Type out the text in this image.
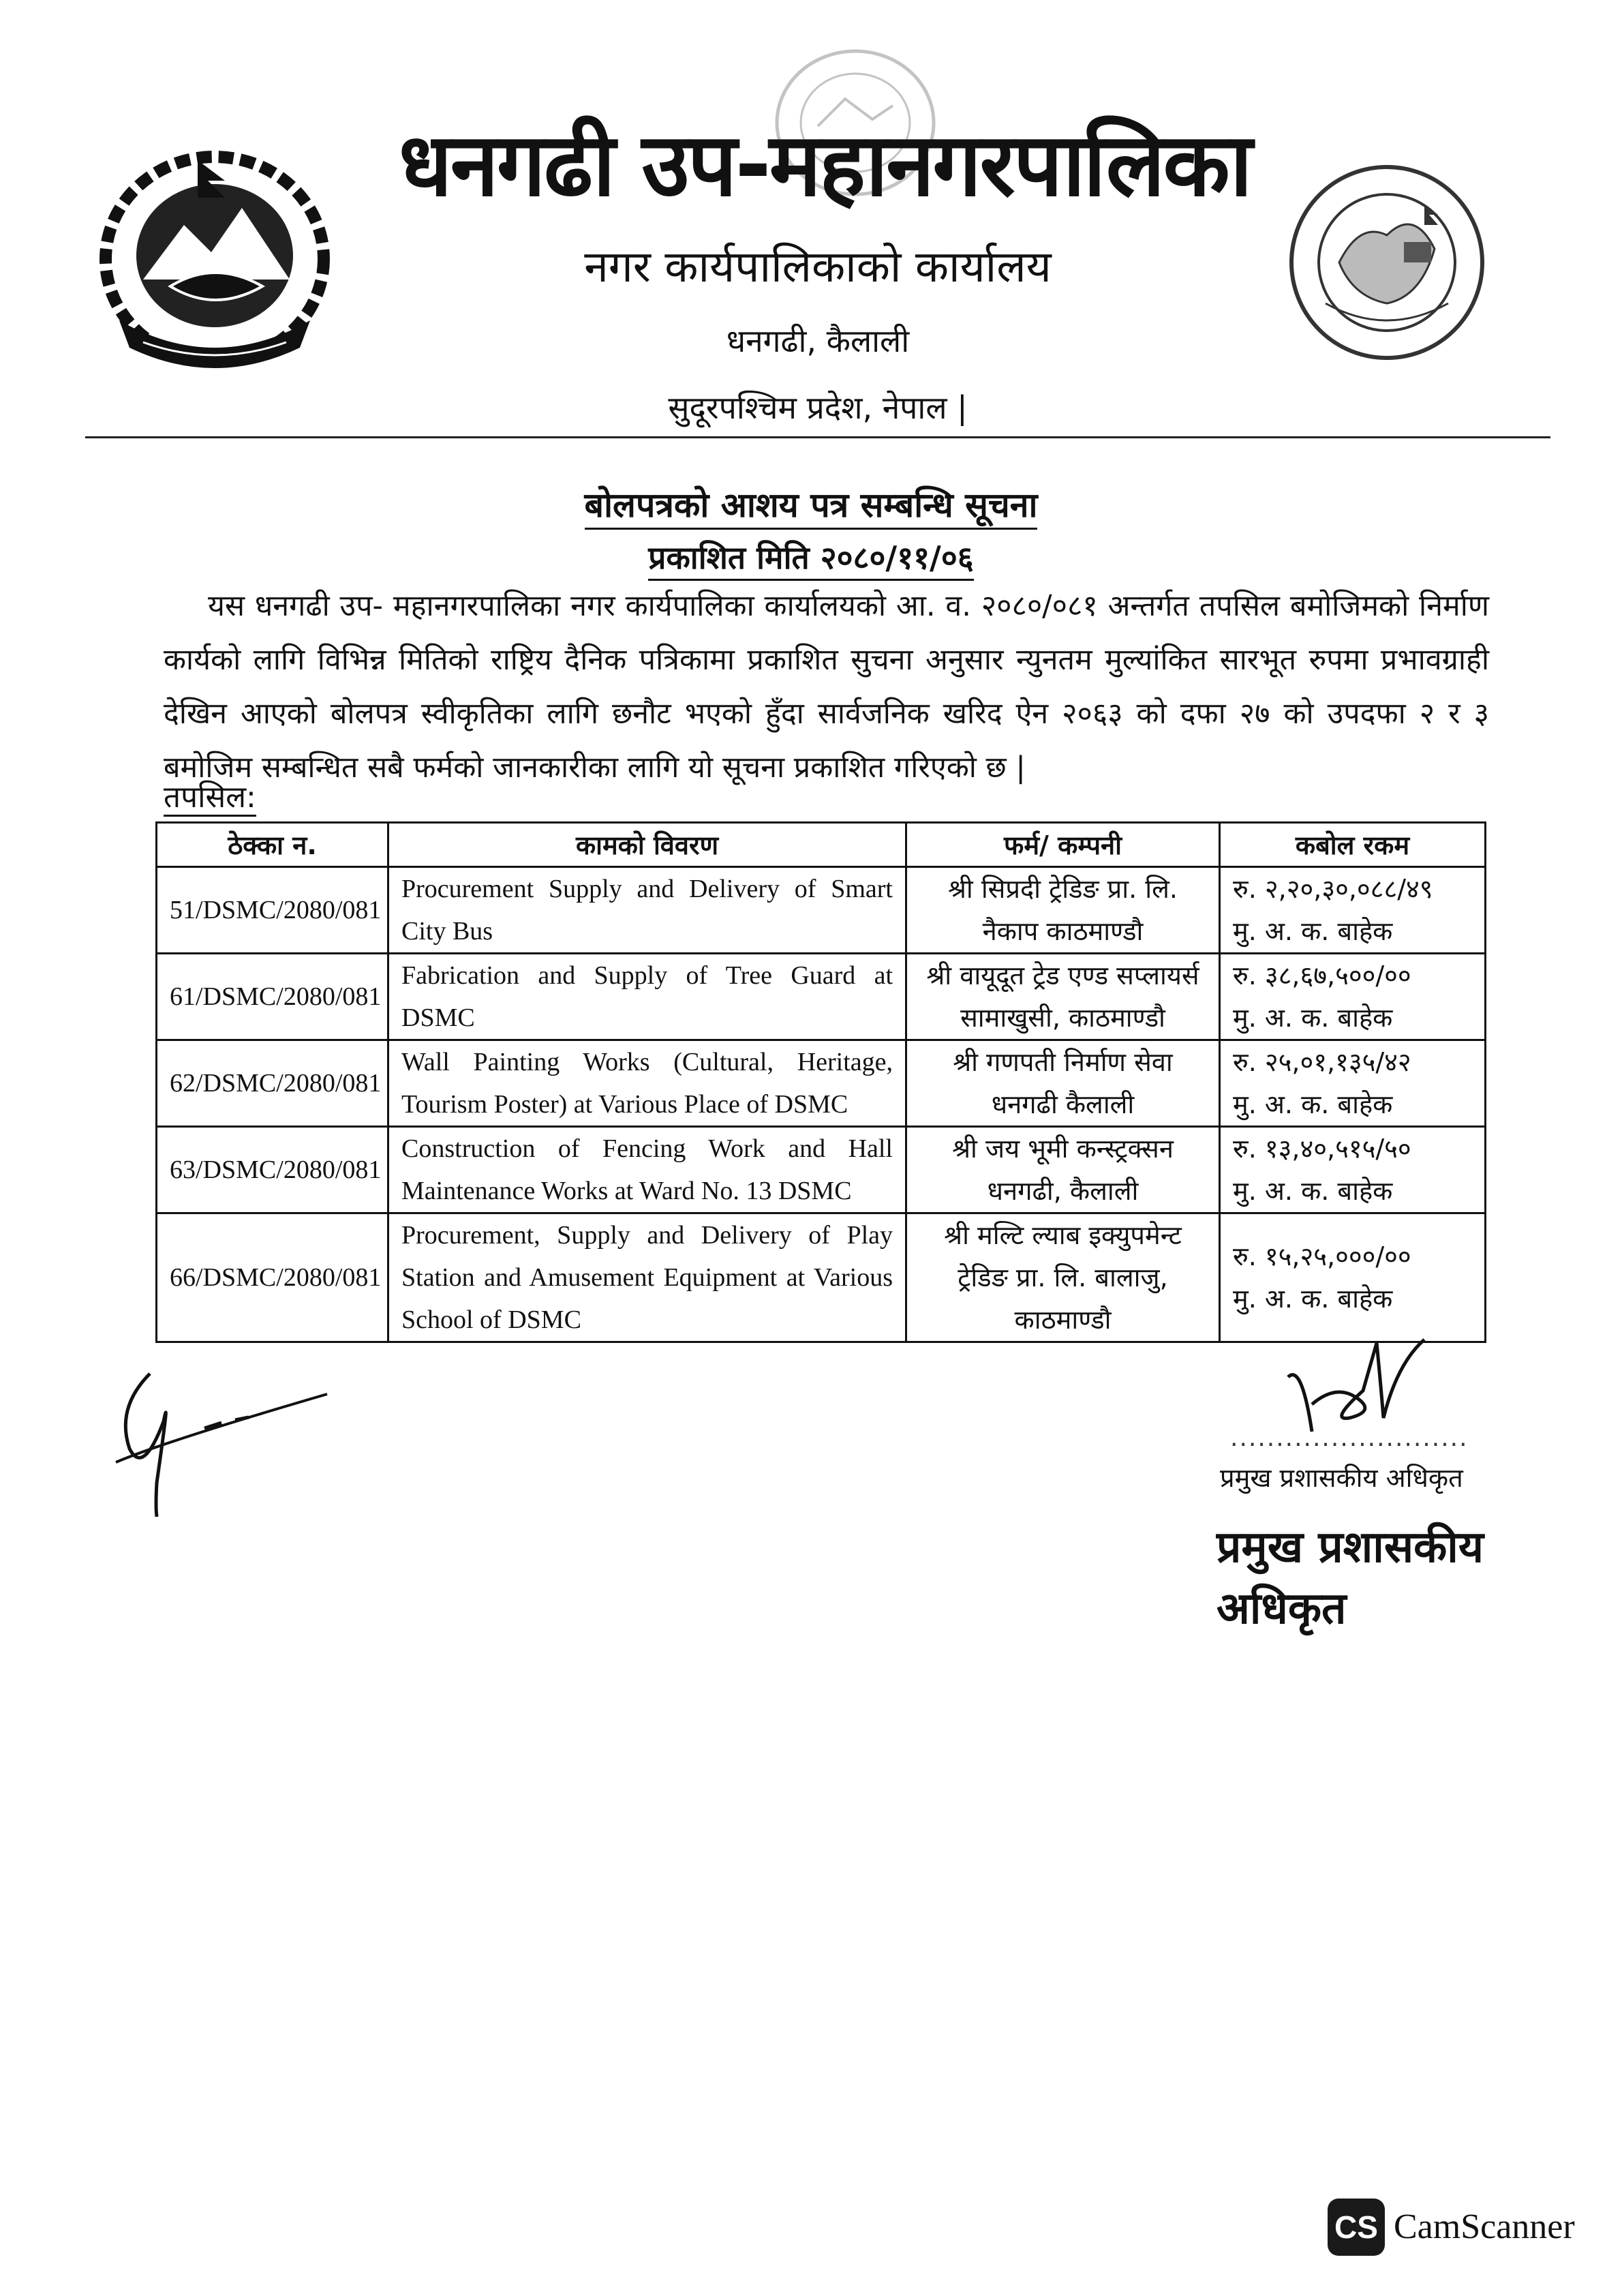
धनगढी उप-महानगरपालिका
नगर कार्यपालिकाको कार्यालय
धनगढी, कैलाली
सुदूरपश्चिम प्रदेश, नेपाल |
बोलपत्रको आशय पत्र सम्बन्धि सूचना
प्रकाशित मिति २०८०/११/०६
यस धनगढी उप- महानगरपालिका नगर कार्यपालिका कार्यालयको आ. व. २०८०/०८१ अन्तर्गत तपसिल बमोजिमको निर्माण कार्यको लागि विभिन्न मितिको राष्ट्रिय दैनिक पत्रिकामा प्रकाशित सुचना अनुसार न्युनतम मुल्यांकित सारभूत रुपमा प्रभावग्राही देखिन आएको बोलपत्र स्वीकृतिका लागि छनौट भएको हुँदा सार्वजनिक खरिद ऐन २०६३ को दफा २७ को उपदफा २ र ३ बमोजिम सम्बन्धित सबै फर्मको जानकारीका लागि यो सूचना प्रकाशित गरिएको छ |
तपसिल:
ठेक्का न.	कामको विवरण	फर्म/ कम्पनी	कबोल रकम
51/DSMC/2080/081	Procurement Supply and Delivery of Smart City Bus	श्री सिप्रदी ट्रेडिङ प्रा. लि. नैकाप काठमाण्डौ	रु. २,२०,३०,०८८/४९
मु. अ. क. बाहेक

61/DSMC/2080/081	Fabrication and Supply of Tree Guard at DSMC	श्री वायूदूत ट्रेड एण्ड सप्लायर्स सामाखुसी, काठमाण्डौ	रु. ३८,६७,५००/००
मु. अ. क. बाहेक

62/DSMC/2080/081	Wall Painting Works (Cultural, Heritage, Tourism Poster) at Various Place of DSMC	श्री गणपती निर्माण सेवा धनगढी कैलाली	रु. २५,०१,१३५/४२
मु. अ. क. बाहेक

63/DSMC/2080/081	Construction of Fencing Work and Hall Maintenance Works at Ward No. 13 DSMC	श्री जय भूमी कन्स्ट्रक्सन धनगढी, कैलाली	रु. १३,४०,५१५/५०
मु. अ. क. बाहेक

66/DSMC/2080/081	Procurement, Supply and Delivery of Play Station and Amusement Equipment at Various School of DSMC	श्री मल्टि ल्याब इक्युपमेन्ट ट्रेडिङ प्रा. लि. बालाजु, काठमाण्डौ	रु. १५,२५,०००/००
मु. अ. क. बाहेक
..........................
प्रमुख प्रशासकीय अधिकृत
प्रमुख प्रशासकीय अधिकृत
CS CamScanner
